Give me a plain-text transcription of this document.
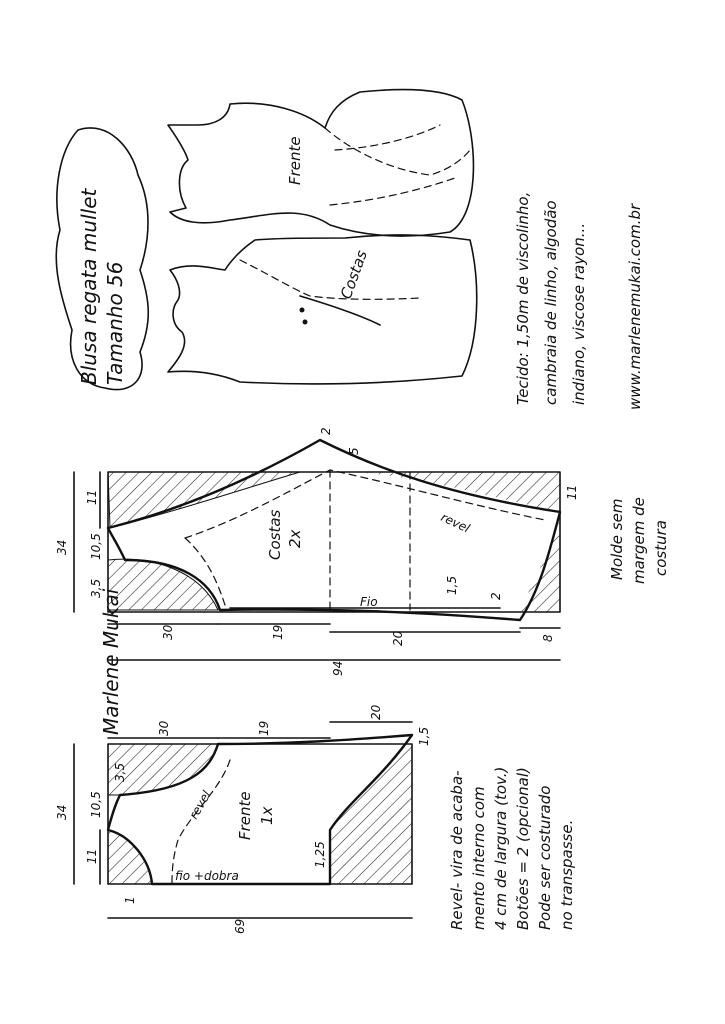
Blusa regata mullet Tamanho 56
Frente
Costas	Tecido: 1,50m de viscolinho, cambraia de linho, algodão indiano, viscose rayon...	www.marlenemukai.com.br
Fio
Costas 2x
revel
34
11
10,5
3,5
30	19	20	8
94
2
5
11
1,5
2
Molde sem margem de costura
Marlene Mukai
revel
fio +dobra
Frente 1x
34
11
10,5
3,5
30	19
20
1,5
1,25
1
69	Revel- vira de acaba- mento interno com 4 cm de largura (tov.) Botões = 2 (opcional) Pode ser costurado no transpasse.
